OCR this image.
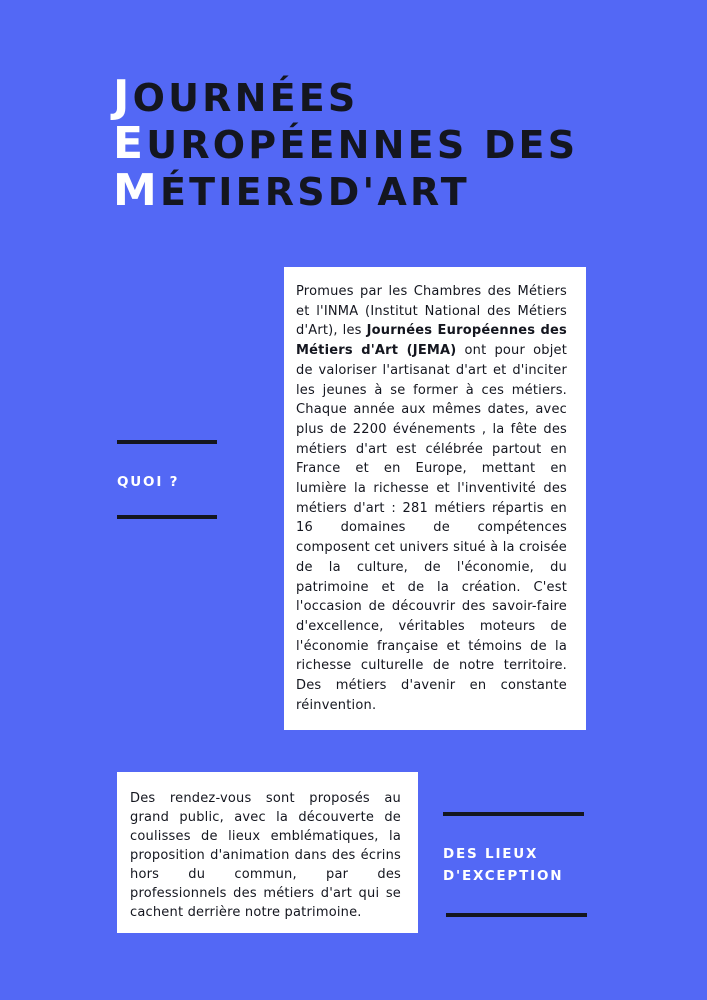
JOURNÉES
EUROPÉENNES DES
MÉTIERSD'ART
QUOI ?

Promues par les Chambres des Métiers et l'INMA (Institut National des Métiers d'Art), les Journées Européennes des Métiers d'Art (JEMA) ont pour objet de valoriser l'artisanat d'art et d'inciter les jeunes à se former à ces métiers. Chaque année aux mêmes dates, avec plus de 2200 événements , la fête des métiers d'art est célébrée partout en France et en Europe, mettant en lumière la richesse et l'inventivité des métiers d'art : 281 métiers répartis en 16 domaines de compétences composent cet univers situé à la croisée de la culture, de l'économie, du patrimoine et de la création. C'est l'occasion de découvrir des savoir-faire d'excellence, véritables moteurs de l'économie française et témoins de la richesse culturelle de notre territoire. Des métiers d'avenir en constante réinvention.

Des rendez-vous sont proposés au grand public, avec la découverte de coulisses de lieux emblématiques, la proposition d'animation dans des écrins hors du commun, par des professionnels des métiers d'art qui se cachent derrière notre patrimoine.

DES LIEUX
D'EXCEPTION
